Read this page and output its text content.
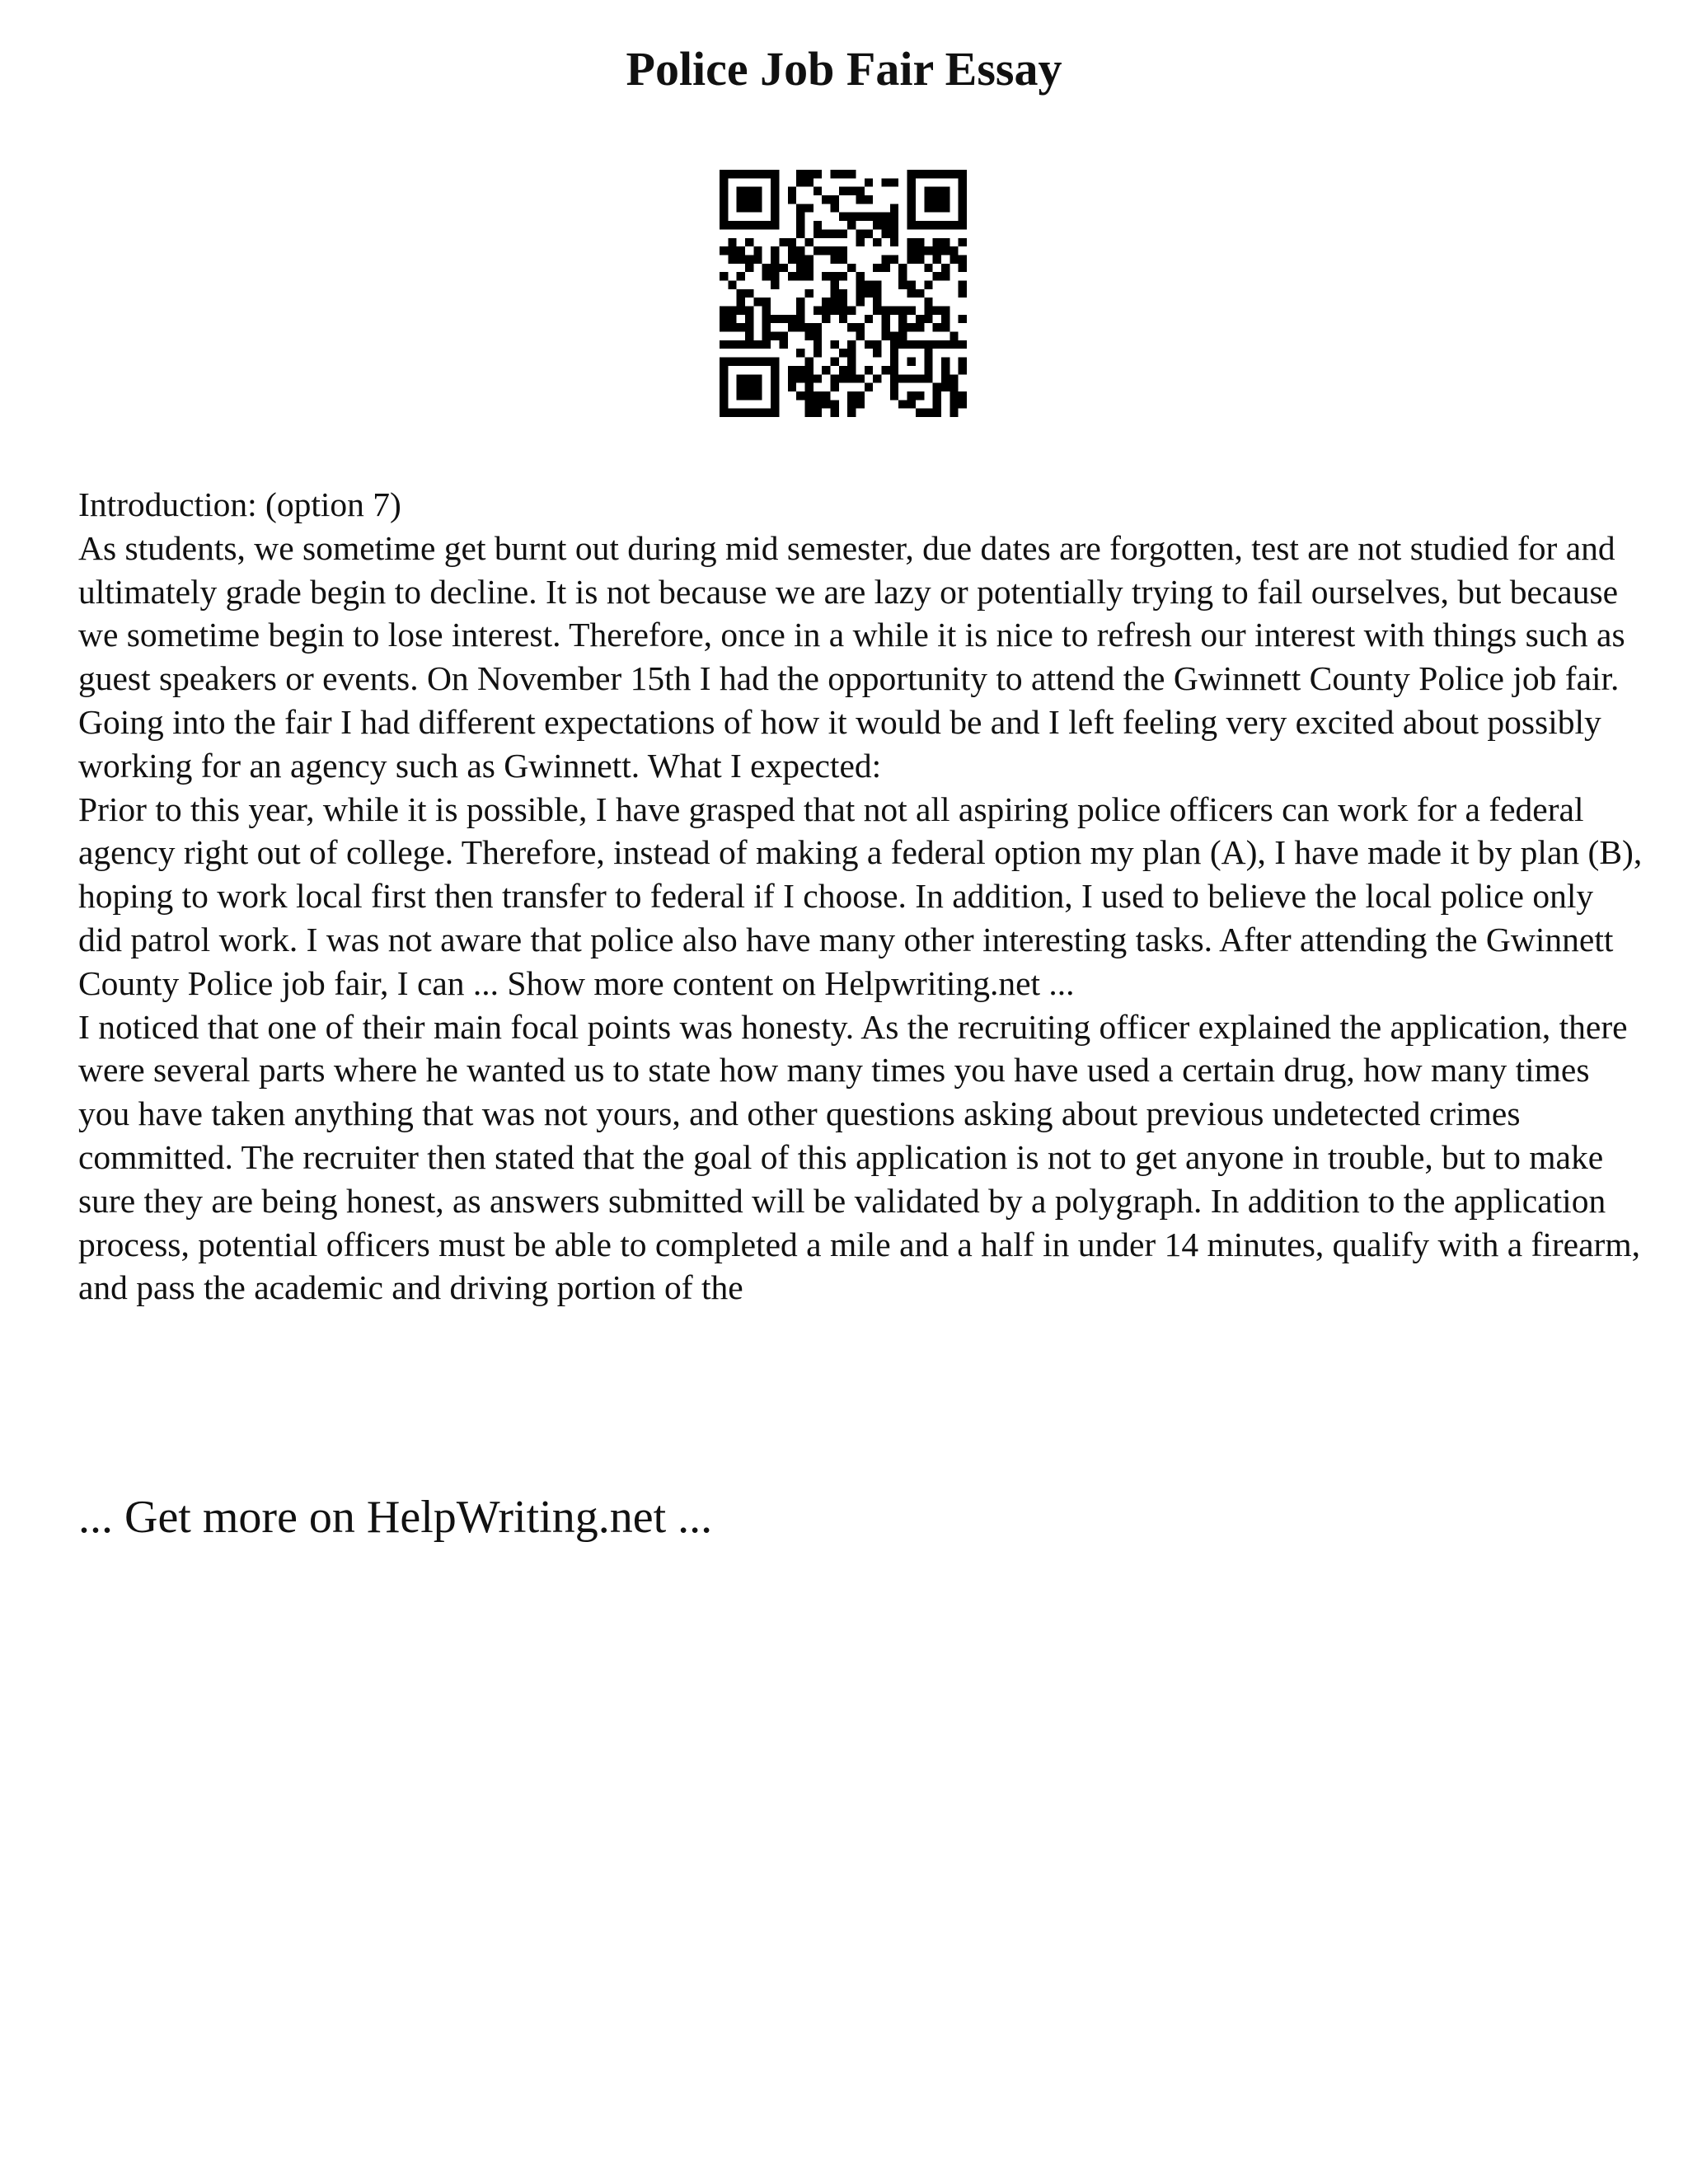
Police Job Fair Essay

Introduction: (option 7)

As students, we sometime get burnt out during mid semester, due dates are forgotten, test are not studied for and ultimately grade begin to decline. It is not because we are lazy or potentially trying to fail ourselves, but because we sometime begin to lose interest. Therefore, once in a while it is nice to refresh our interest with things such as guest speakers or events. On November 15th I had the opportunity to attend the Gwinnett County Police job fair. Going into the fair I had different expectations of how it would be and I left feeling very excited about possibly working for an agency such as Gwinnett. What I expected:

Prior to this year, while it is possible, I have grasped that not all aspiring police officers can work for a federal agency right out of college. Therefore, instead of making a federal option my plan (A), I have made it by plan (B), hoping to work local first then transfer to federal if I choose. In addition, I used to believe the local police only did patrol work. I was not aware that police also have many other interesting tasks. After attending the Gwinnett County Police job fair, I can ... Show more content on Helpwriting.net ...

I noticed that one of their main focal points was honesty. As the recruiting officer explained the application, there were several parts where he wanted us to state how many times you have used a certain drug, how many times you have taken anything that was not yours, and other questions asking about previous undetected crimes committed. The recruiter then stated that the goal of this application is not to get anyone in trouble, but to make sure they are being honest, as answers submitted will be validated by a polygraph. In addition to the application process, potential officers must be able to completed a mile and a half in under 14 minutes, qualify with a firearm, and pass the academic and driving portion of the

... Get more on HelpWriting.net ...
